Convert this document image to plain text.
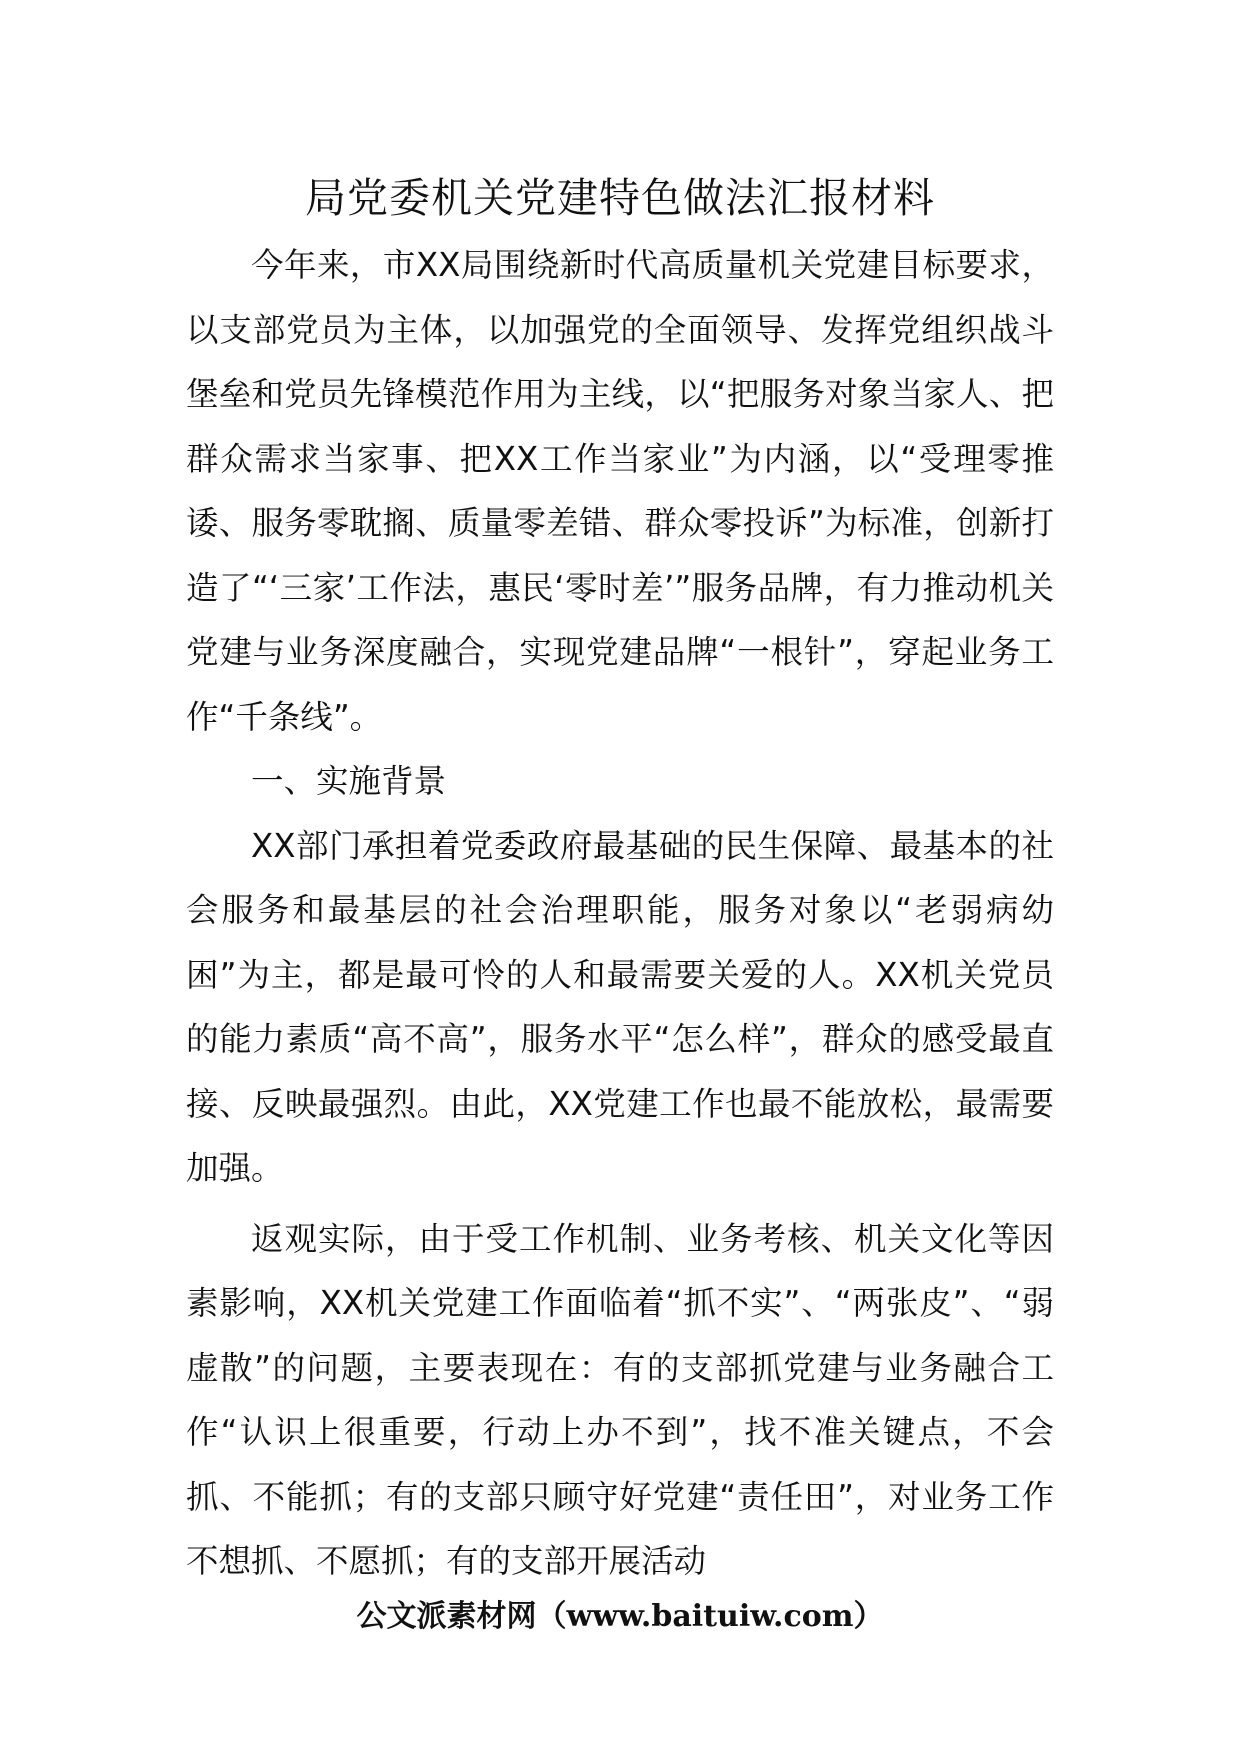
局党委机关党建特色做法汇报材料

今年来，市XX局围绕新时代高质量机关党建目标要求，以支部党员为主体，以加强党的全面领导、发挥党组织战斗堡垒和党员先锋模范作用为主线，以“把服务对象当家人、把群众需求当家事、把XX工作当家业”为内涵，以“受理零推诿、服务零耽搁、质量零差错、群众零投诉”为标准，创新打造了“‘三家’工作法，惠民‘零时差’”服务品牌，有力推动机关党建与业务深度融合，实现党建品牌“一根针”，穿起业务工作“千条线”。

一、实施背景

XX部门承担着党委政府最基础的民生保障、最基本的社会服务和最基层的社会治理职能，服务对象以“老弱病幼困”为主，都是最可怜的人和最需要关爱的人。XX机关党员的能力素质“高不高”，服务水平“怎么样”，群众的感受最直接、反映最强烈。由此，XX党建工作也最不能放松，最需要加强。

返观实际，由于受工作机制、业务考核、机关文化等因素影响，XX机关党建工作面临着“抓不实”、“两张皮”、“弱虚散”的问题，主要表现在：有的支部抓党建与业务融合工作“认识上很重要，行动上办不到”，找不准关键点，不会抓、不能抓；有的支部只顾守好党建“责任田”，对业务工作不想抓、不愿抓；有的支部开展活动

公文派素材网（www.baituiw.com）
